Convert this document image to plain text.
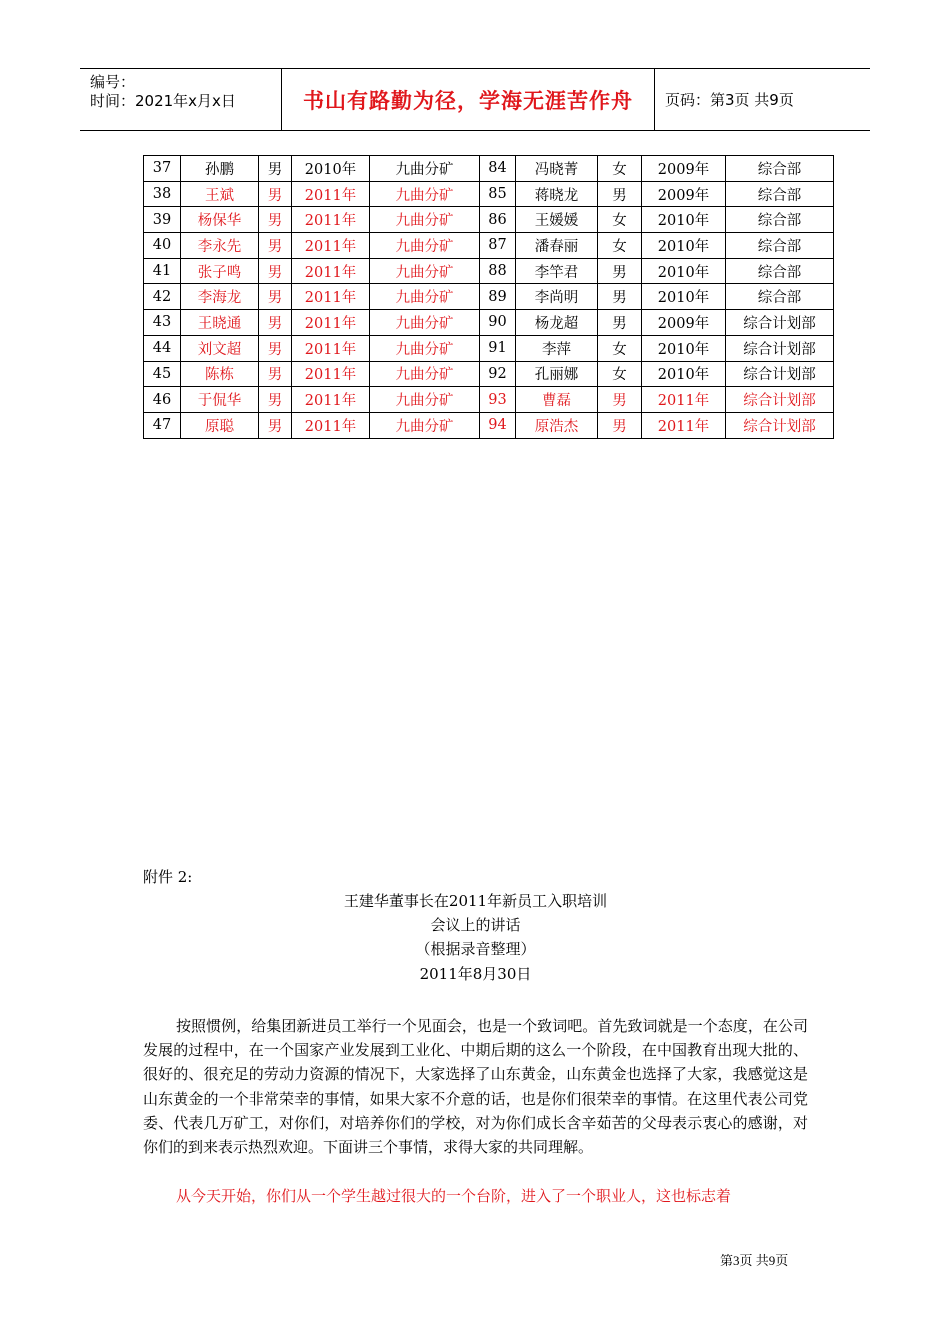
编号：
时间：2021年x月x日	书山有路勤为径，学海无涯苦作舟	页码：第3页 共9页
37	孙鹏	男	2010年	九曲分矿	84	冯晓菁	女	2009年	综合部
38	王斌	男	2011年	九曲分矿	85	蒋晓龙	男	2009年	综合部
39	杨保华	男	2011年	九曲分矿	86	王媛媛	女	2010年	综合部
40	李永先	男	2011年	九曲分矿	87	潘春丽	女	2010年	综合部
41	张子鸣	男	2011年	九曲分矿	88	李竿君	男	2010年	综合部
42	李海龙	男	2011年	九曲分矿	89	李尚明	男	2010年	综合部
43	王晓通	男	2011年	九曲分矿	90	杨龙超	男	2009年	综合计划部
44	刘文超	男	2011年	九曲分矿	91	李萍	女	2010年	综合计划部
45	陈栋	男	2011年	九曲分矿	92	孔丽娜	女	2010年	综合计划部
46	于侃华	男	2011年	九曲分矿	93	曹磊	男	2011年	综合计划部
47	原聪	男	2011年	九曲分矿	94	原浩杰	男	2011年	综合计划部
附件 2:
王建华董事长在2011年新员工入职培训
会议上的讲话
（根据录音整理）
2011年8月30日
按照惯例，给集团新进员工举行一个见面会，也是一个致词吧。首先致词就是一个态度，在公司发展的过程中，在一个国家产业发展到工业化、中期后期的这么一个阶段，在中国教育出现大批的、很好的、很充足的劳动力资源的情况下，大家选择了山东黄金，山东黄金也选择了大家，我感觉这是山东黄金的一个非常荣幸的事情，如果大家不介意的话，也是你们很荣幸的事情。在这里代表公司党委、代表几万矿工，对你们，对培养你们的学校，对为你们成长含辛茹苦的父母表示衷心的感谢，对你们的到来表示热烈欢迎。下面讲三个事情，求得大家的共同理解。
从今天开始，你们从一个学生越过很大的一个台阶，进入了一个职业人，这也标志着
第3页 共9页
